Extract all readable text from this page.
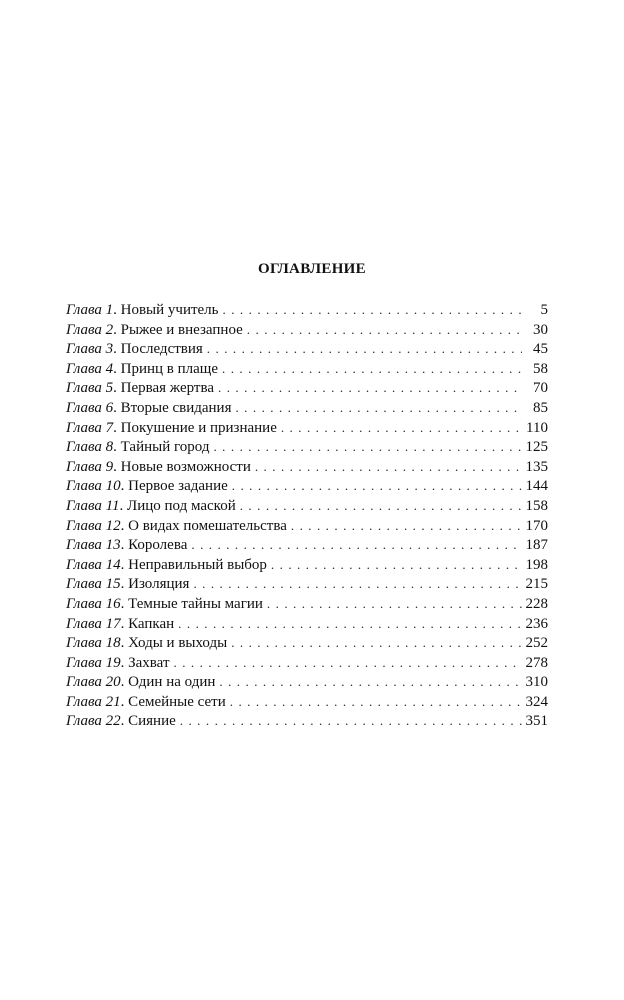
ОГЛАВЛЕНИЕ
Глава 1. Новый учитель . . .	5
Глава 2. Рыжее и внезапное . . .	30
Глава 3. Последствия . . .	45
Глава 4. Принц в плаще . . .	58
Глава 5. Первая жертва . . .	70
Глава 6. Вторые свидания . . .	85
Глава 7. Покушение и признание . . .	110
Глава 8. Тайный город . . .	125
Глава 9. Новые возможности . . .	135
Глава 10. Первое задание . . .	144
Глава 11. Лицо под маской . . .	158
Глава 12. О видах помешательства . . .	170
Глава 13. Королева . . .	187
Глава 14. Неправильный выбор . . .	198
Глава 15. Изоляция . . .	215
Глава 16. Темные тайны магии . . .	228
Глава 17. Капкан . . .	236
Глава 18. Ходы и выходы . . .	252
Глава 19. Захват . . .	278
Глава 20. Один на один . . .	310
Глава 21. Семейные сети . . .	324
Глава 22. Сияние . . .	351
